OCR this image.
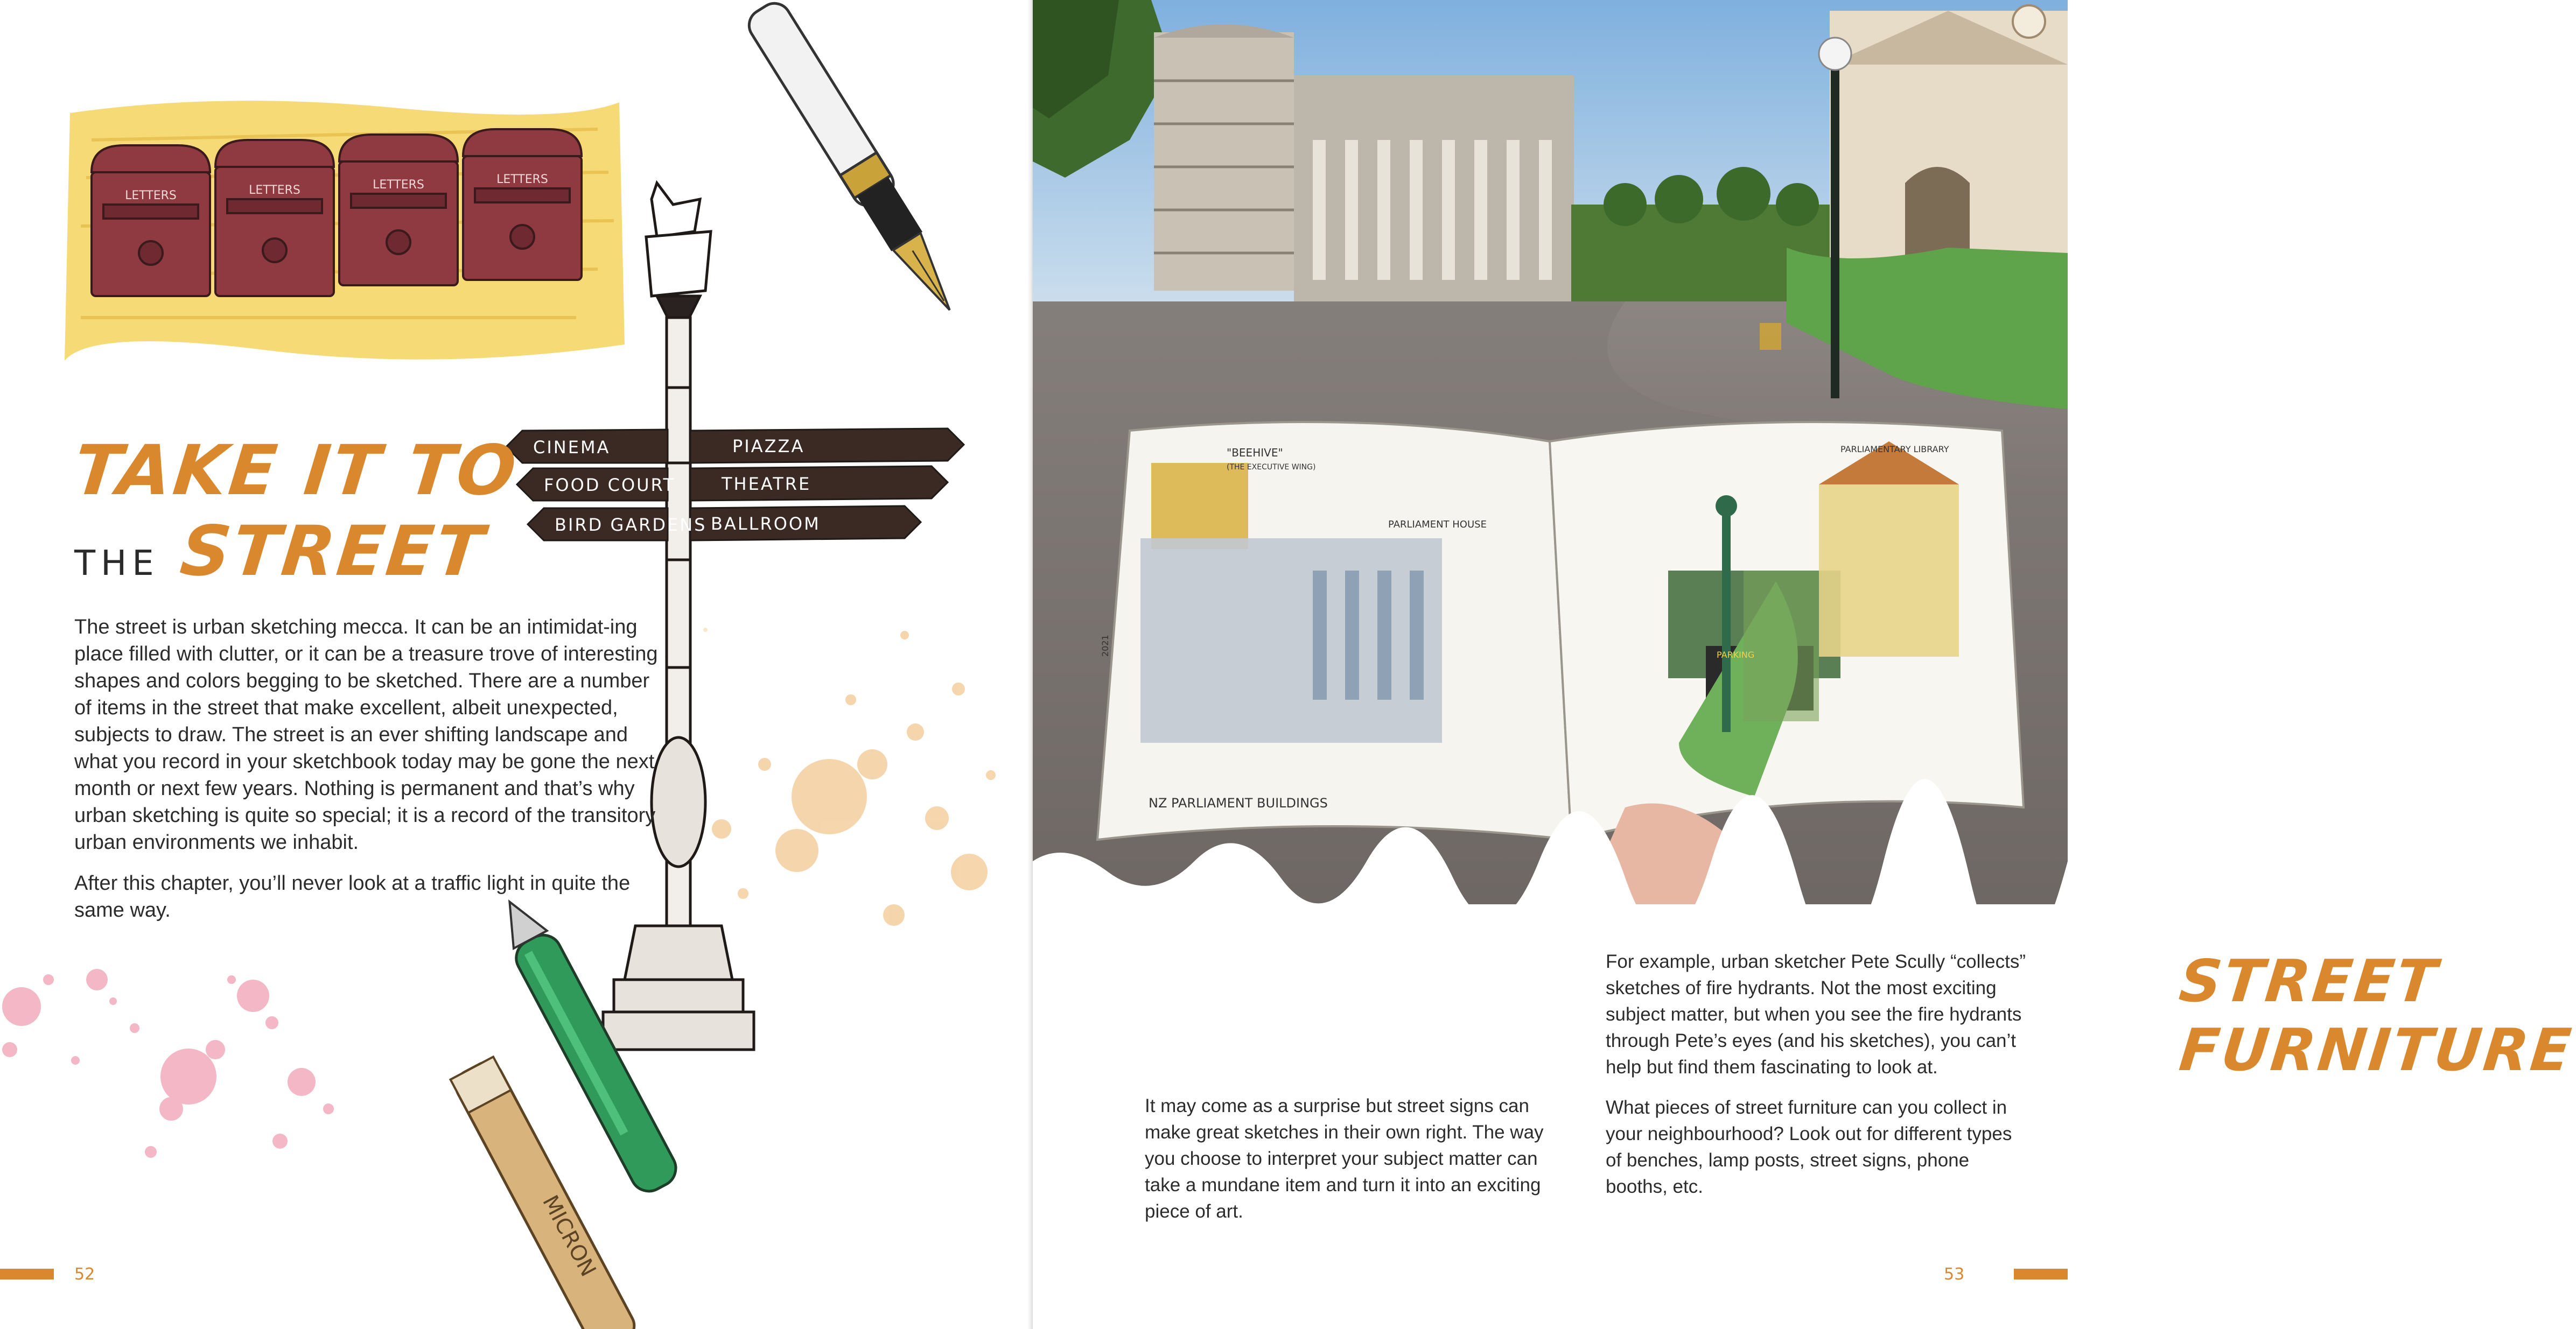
LETTERS	LETTERS	LETTERS	LETTERS
CINEMA	PIAZZA
FOOD COURT	THEATRE
BIRD GARDENS BALLROOM
MICRON
TAKE IT TO
THE STREET

The street is urban sketching mecca. It can be an intimidat-ing place filled with clutter, or it can be a treasure trove of interesting shapes and colors begging to be sketched. There are a number of items in the street that make excellent, albeit unexpected, subjects to draw. The street is an ever shifting landscape and what you record in your sketchbook today may be gone the next month or next few years. Nothing is permanent and that’s why urban sketching is quite so special; it is a record of the transitory urban environments we inhabit.

After this chapter, you’ll never look at a traffic light in quite the same way.

52
"BEEHIVE"
(THE EXECUTIVE WING)
PARLIAMENT HOUSE
PARLIAMENTARY LIBRARY
PARKING
NZ PARLIAMENT BUILDINGS
2021
STREET
FURNITURE
53

It may come as a surprise but street signs can make great sketches in their own right. The way you choose to interpret your subject matter can take a mundane item and turn it into an exciting piece of art.

For example, urban sketcher Pete Scully “collects” sketches of fire hydrants. Not the most exciting subject matter, but when you see the fire hydrants through Pete’s eyes (and his sketches), you can’t help but find them fascinating to look at.

What pieces of street furniture can you collect in your neighbourhood? Look out for different types of benches, lamp posts, street signs, phone booths, etc.
